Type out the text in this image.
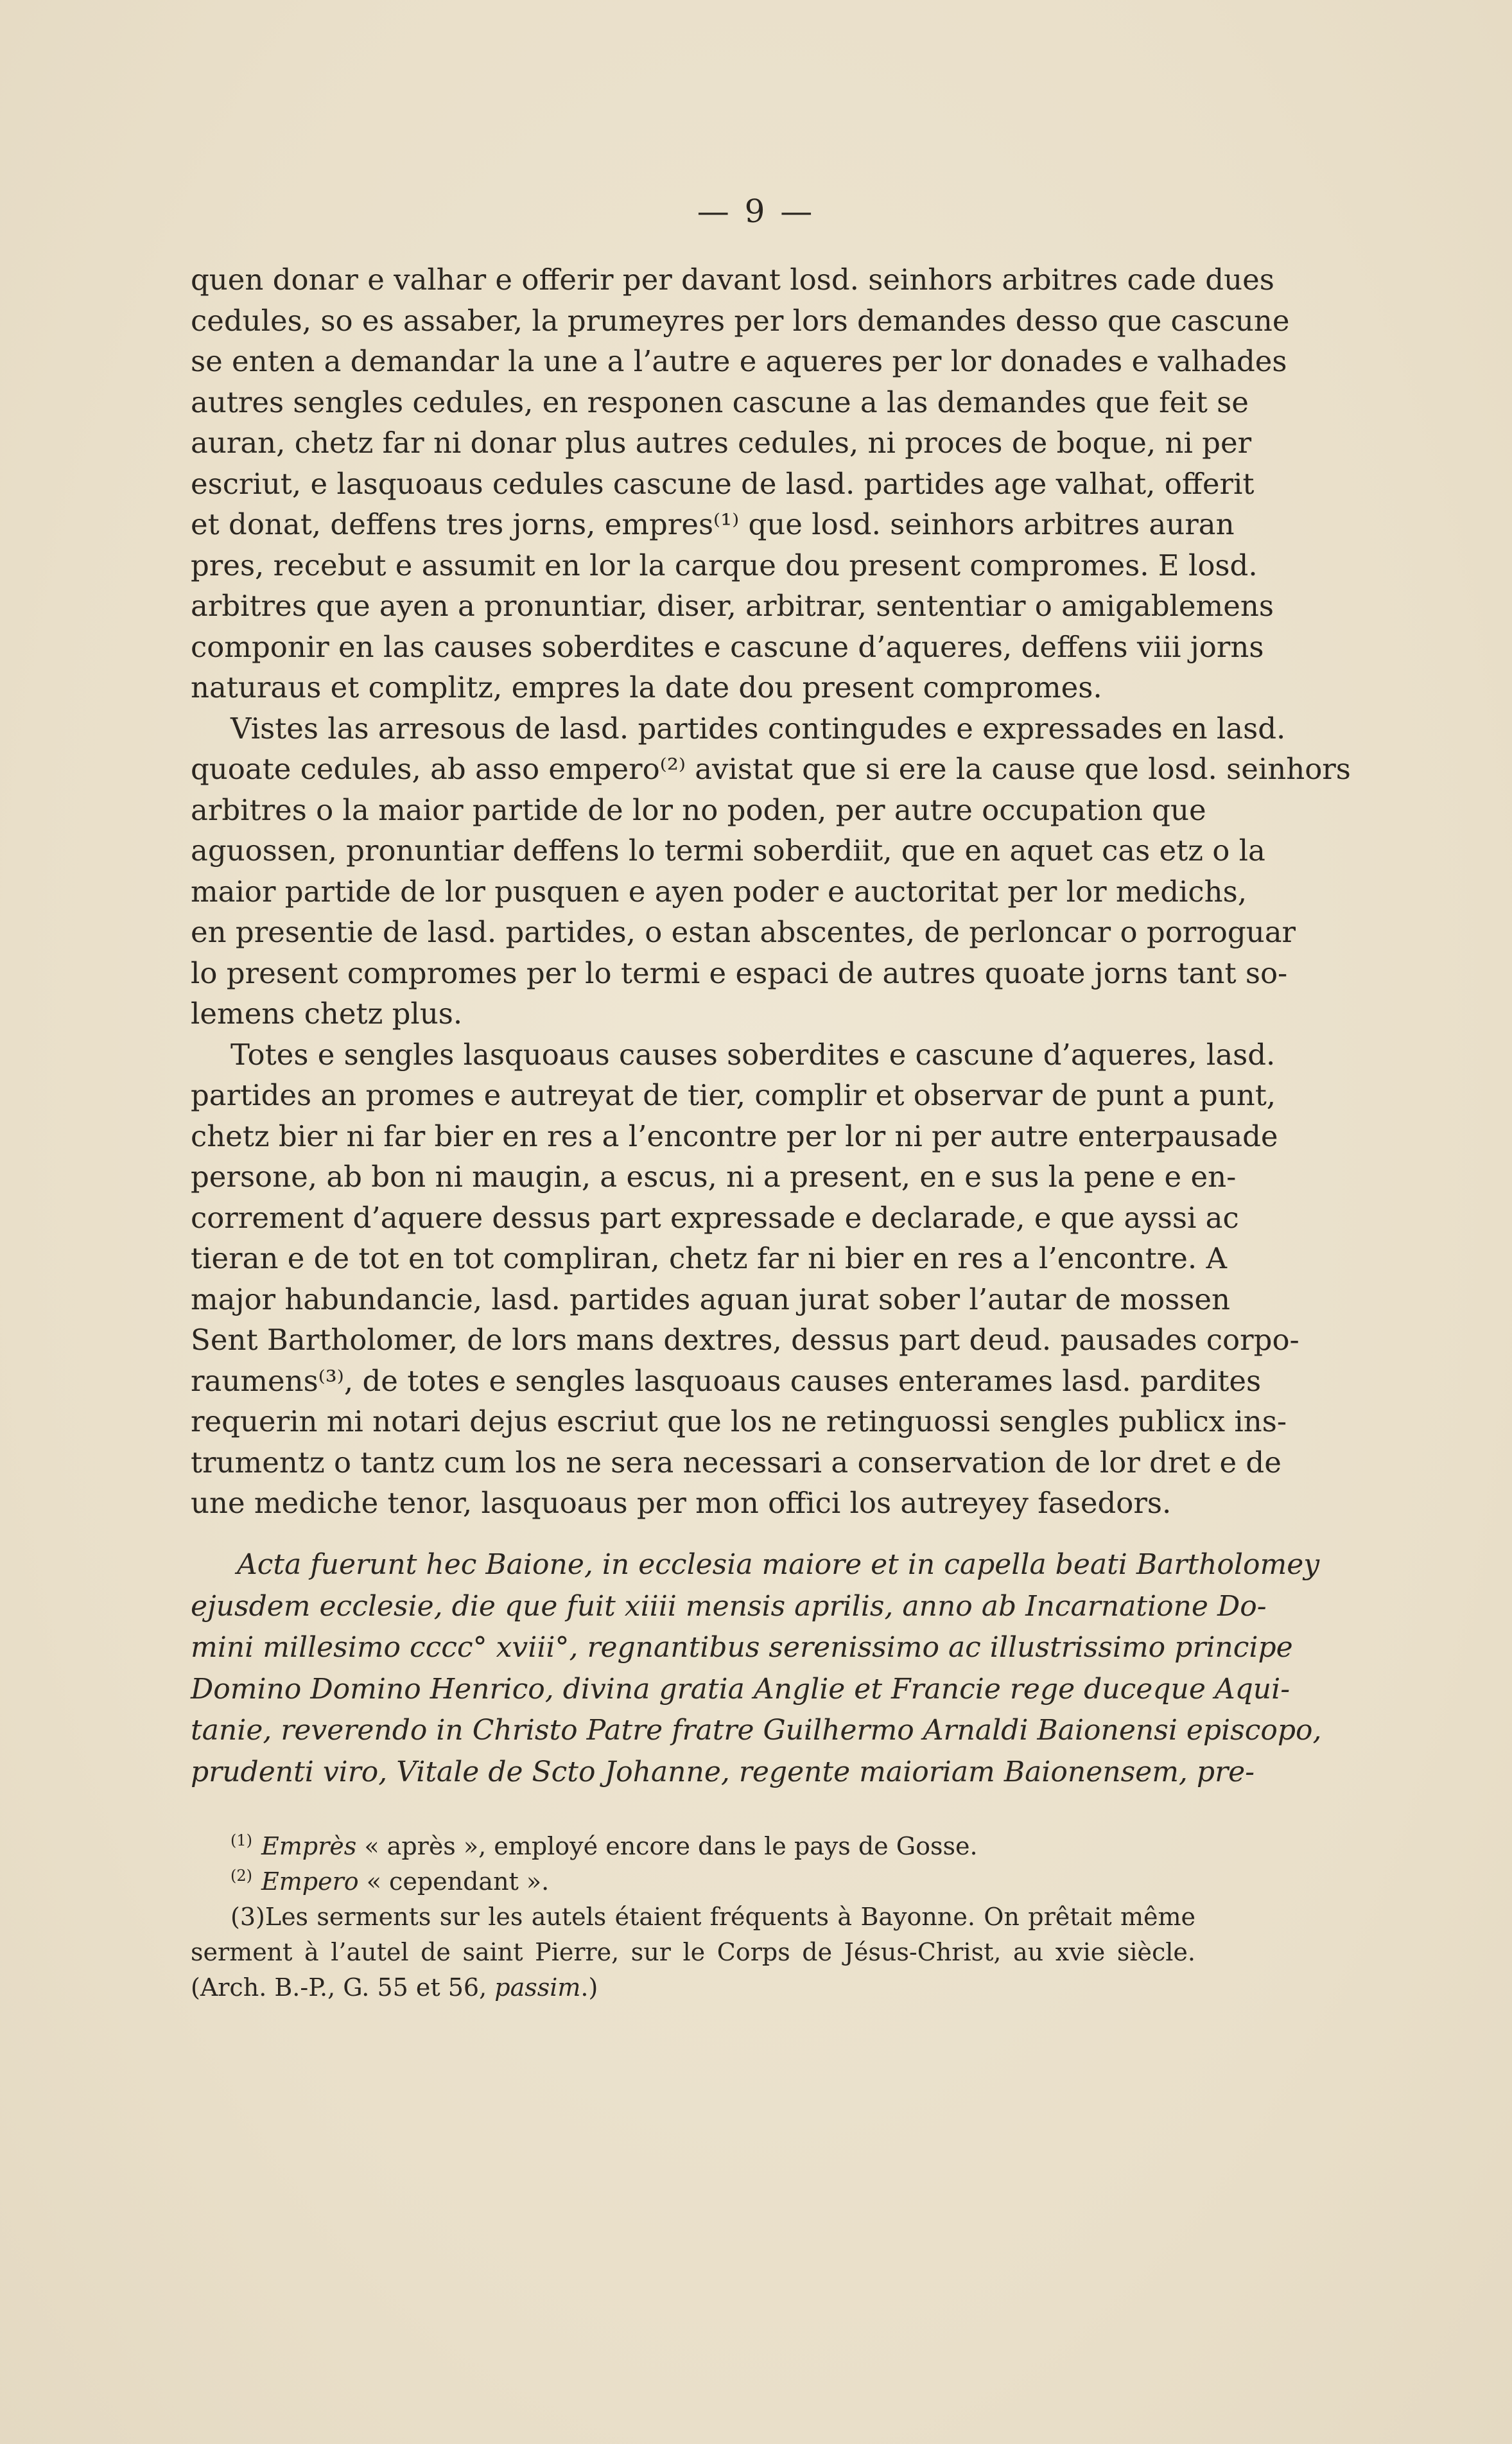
— 9 —

quen donar e valhar e offerir per davant losd. seinhors arbitres cade dues
cedules, so es assaber, la prumeyres per lors demandes desso que cascune
se enten a demandar la une a l’autre e aqueres per lor donades e valhades
autres sengles cedules, en responen cascune a las demandes que feit se
auran, chetz far ni donar plus autres cedules, ni proces de boque, ni per
escriut, e lasquoaus cedules cascune de lasd. partides age valhat, offerit
et donat, deffens tres jorns, empres⁽¹⁾ que losd. seinhors arbitres auran
pres, recebut e assumit en lor la carque dou present compromes. E losd.
arbitres que ayen a pronuntiar, diser, arbitrar, sententiar o amigablemens
componir en las causes soberdites e cascune d’aqueres, deffens viii jorns
naturaus et complitz, empres la date dou present compromes.

Vistes las arresous de lasd. partides contingudes e expressades en lasd.
quoate cedules, ab asso empero⁽²⁾ avistat que si ere la cause que losd. seinhors
arbitres o la maior partide de lor no poden, per autre occupation que
aguossen, pronuntiar deffens lo termi soberdiit, que en aquet cas etz o la
maior partide de lor pusquen e ayen poder e auctoritat per lor medichs,
en presentie de lasd. partides, o estan abscentes, de perloncar o porroguar
lo present compromes per lo termi e espaci de autres quoate jorns tant so-
lemens chetz plus.

Totes e sengles lasquoaus causes soberdites e cascune d’aqueres, lasd.
partides an promes e autreyat de tier, complir et observar de punt a punt,
chetz bier ni far bier en res a l’encontre per lor ni per autre enterpausade
persone, ab bon ni maugin, a escus, ni a present, en e sus la pene e en-
correment d’aquere dessus part expressade e declarade, e que ayssi ac
tieran e de tot en tot compliran, chetz far ni bier en res a l’encontre. A
major habundancie, lasd. partides aguan jurat sober l’autar de mossen
Sent Bartholomer, de lors mans dextres, dessus part deud. pausades corpo-
raumens⁽³⁾, de totes e sengles lasquoaus causes enterames lasd. pardites
requerin mi notari dejus escriut que los ne retinguossi sengles publicx ins-
trumentz o tantz cum los ne sera necessari a conservation de lor dret e de
une mediche tenor, lasquoaus per mon offici los autreyey fasedors.

Acta fuerunt hec Baione, in ecclesia maiore et in capella beati Bartholomey
ejusdem ecclesie, die que fuit xiiii mensis aprilis, anno ab Incarnatione Do-
mini millesimo cccc° xviii°, regnantibus serenissimo ac illustrissimo principe
Domino Domino Henrico, divina gratia Anglie et Francie rege duceque Aqui-
tanie, reverendo in Christo Patre fratre Guilhermo Arnaldi Baionensi episcopo,
prudenti viro, Vitale de Scto Johanne, regente maioriam Baionensem, pre-
$^{(1)}$ Emprès « après », employé encore dans le pays de Gosse.
$^{(2)}$ Empero « cependant ».
(3)Les serments sur les autels étaient fréquents à Bayonne. On prêtait même
serment à l’autel de saint Pierre, sur le Corps de Jésus-Christ, au xvie siècle.
(Arch. B.-P., G. 55 et 56, passim.)
